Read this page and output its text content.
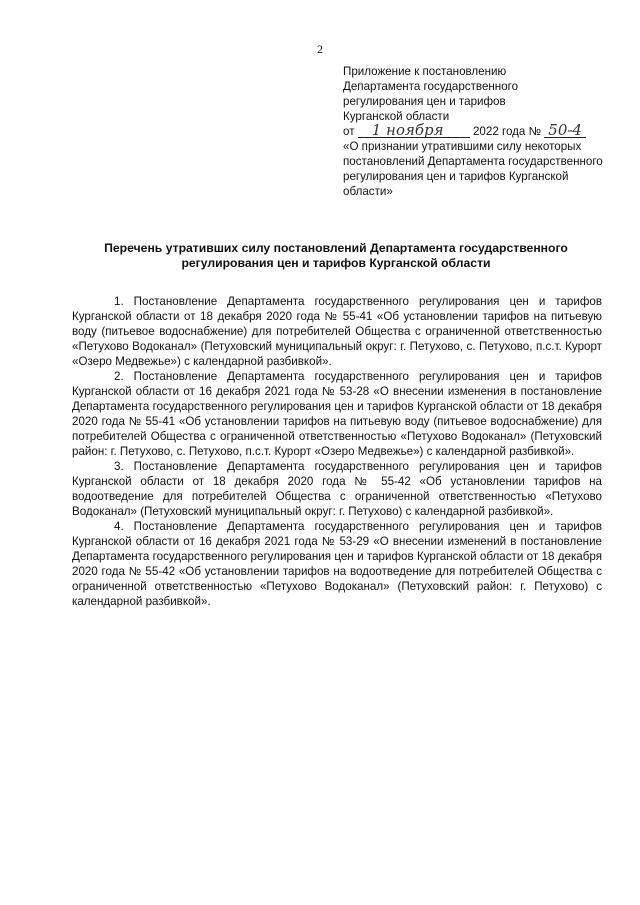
2
Приложение к постановлению
Департамента государственного
регулирования цен и тарифов
Курганской области
от 1 ноября	2022 года № 50-4
«О признании утратившими силу некоторых постановлений Департамента государственного регулирования цен и тарифов Курганской области»
Перечень утративших силу постановлений Департамента государственного регулирования цен и тарифов Курганской области

1. Постановление Департамента государственного регулирования цен и тарифов Курганской области от 18 декабря 2020 года № 55-41 «Об установлении тарифов на питьевую воду (питьевое водоснабжение) для потребителей Общества с ограниченной ответственностью «Петухово Водоканал» (Петуховский муниципальный округ: г. Петухово, с. Петухово, п.с.т. Курорт «Озеро Медвежье») с календарной разбивкой».

2. Постановление Департамента государственного регулирования цен и тарифов Курганской области от 16 декабря 2021 года № 53-28 «О внесении изменения в постановление Департамента государственного регулирования цен и тарифов Курганской области от 18 декабря 2020 года № 55-41 «Об установлении тарифов на питьевую воду (питьевое водоснабжение) для потребителей Общества с ограниченной ответственностью «Петухово Водоканал» (Петуховский район: г. Петухово, с. Петухово, п.с.т. Курорт «Озеро Медвежье») с календарной разбивкой».

3. Постановление Департамента государственного регулирования цен и тарифов Курганской области от 18 декабря 2020 года № 55-42 «Об установлении тарифов на водоотведение для потребителей Общества с ограниченной ответственностью «Петухово Водоканал» (Петуховский муниципальный округ: г. Петухово) с календарной разбивкой».

4. Постановление Департамента государственного регулирования цен и тарифов Курганской области от 16 декабря 2021 года № 53-29 «О внесении изменений в постановление Департамента государственного регулирования цен и тарифов Курганской области от 18 декабря 2020 года № 55-42 «Об установлении тарифов на водоотведение для потребителей Общества с ограниченной ответственностью «Петухово Водоканал» (Петуховский район: г. Петухово) с календарной разбивкой».
